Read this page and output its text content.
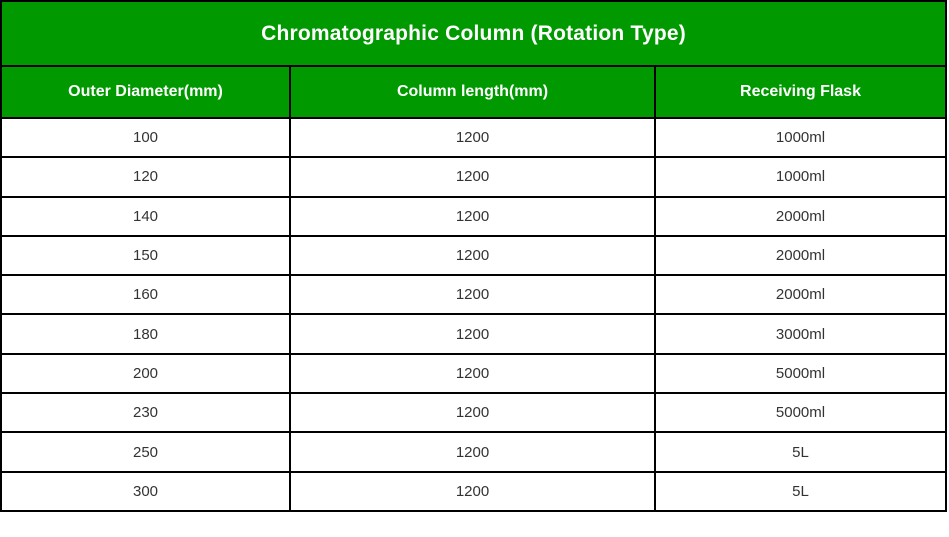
Chromatographic Column (Rotation Type)		
Outer Diameter(mm)	Column length(mm)	Receiving Flask
100	1200	1000ml
120	1200	1000ml
140	1200	2000ml
150	1200	2000ml
160	1200	2000ml
180	1200	3000ml
200	1200	5000ml
230	1200	5000ml
250	1200	5L
300	1200	5L
